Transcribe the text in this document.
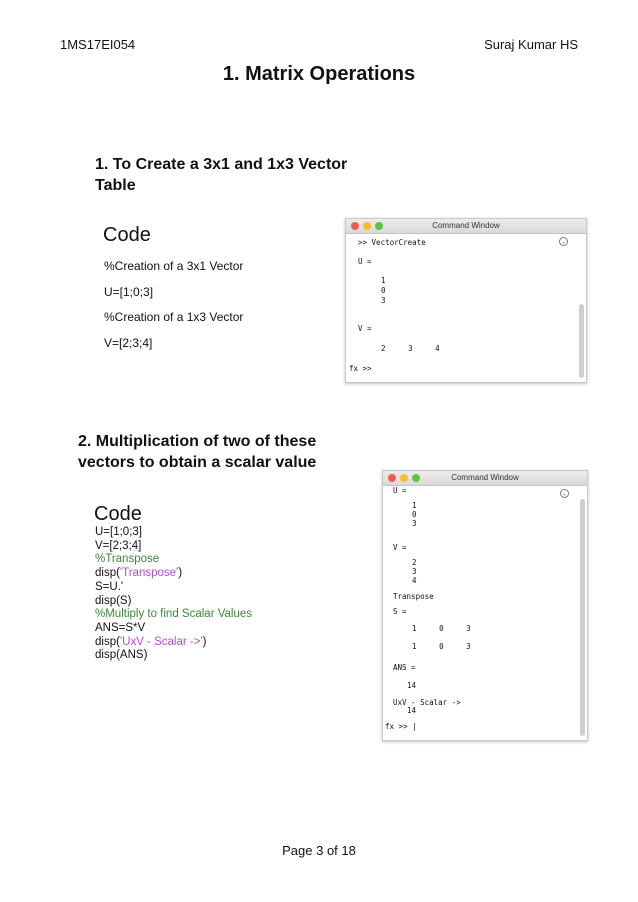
1MS17EI054	Suraj Kumar HS
1. Matrix Operations
1. To Create a 3x1 and 1x3 Vector Table
Code
%Creation of a 3x1 Vector
U=[1;0;3]
%Creation of a 1x3 Vector
V=[2;3;4]
Command Window
⌄
>> VectorCreate
U =
1
0
3
V =
2     3     4
fx >>
2. Multiplication of two of these vectors to obtain a scalar value
Code
U=[1;0;3]
V=[2;3;4]
%Transpose
disp('Transpose')
S=U.'
disp(S)
%Multiply to find Scalar Values
ANS=S*V
disp('UxV - Scalar ->')
disp(ANS)
Command Window
⌄
U =
1
0
3
V =
2
3
4
Transpose
S =
1     0     3
1     0     3
ANS =
14
UxV - Scalar ->
14
fx >> |
Page 3 of 18
